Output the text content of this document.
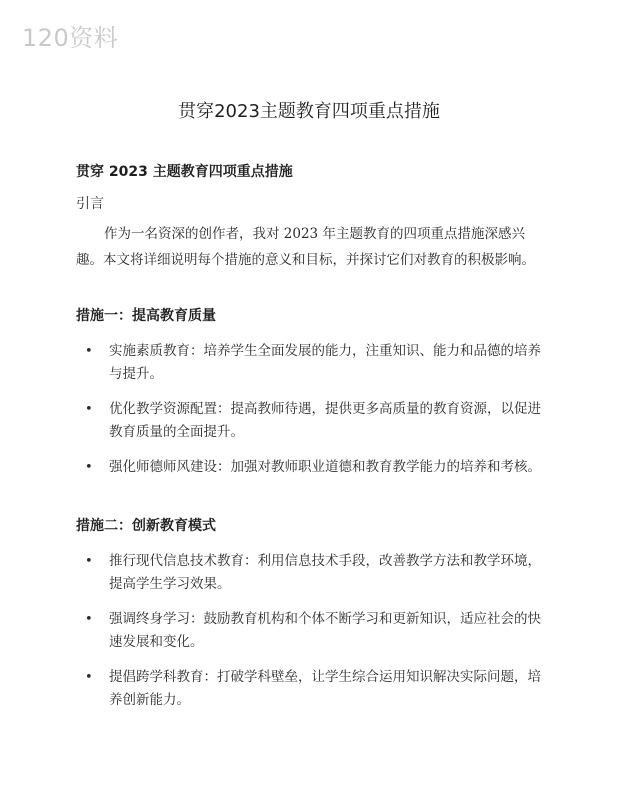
120资料
贯穿2023主题教育四项重点措施
贯穿 2023 主题教育四项重点措施
引言
作为一名资深的创作者，我对 2023 年主题教育的四项重点措施深感兴趣。本文将详细说明每个措施的意义和目标，并探讨它们对教育的积极影响。
措施一：提高教育质量
• 实施素质教育：培养学生全面发展的能力，注重知识、能力和品德的培养与提升。
• 优化教学资源配置：提高教师待遇，提供更多高质量的教育资源，以促进教育质量的全面提升。
• 强化师德师风建设：加强对教师职业道德和教育教学能力的培养和考核。
措施二：创新教育模式
• 推行现代信息技术教育：利用信息技术手段，改善教学方法和教学环境，提高学生学习效果。
• 强调终身学习：鼓励教育机构和个体不断学习和更新知识，适应社会的快速发展和变化。
• 提倡跨学科教育：打破学科壁垒，让学生综合运用知识解决实际问题，培养创新能力。
